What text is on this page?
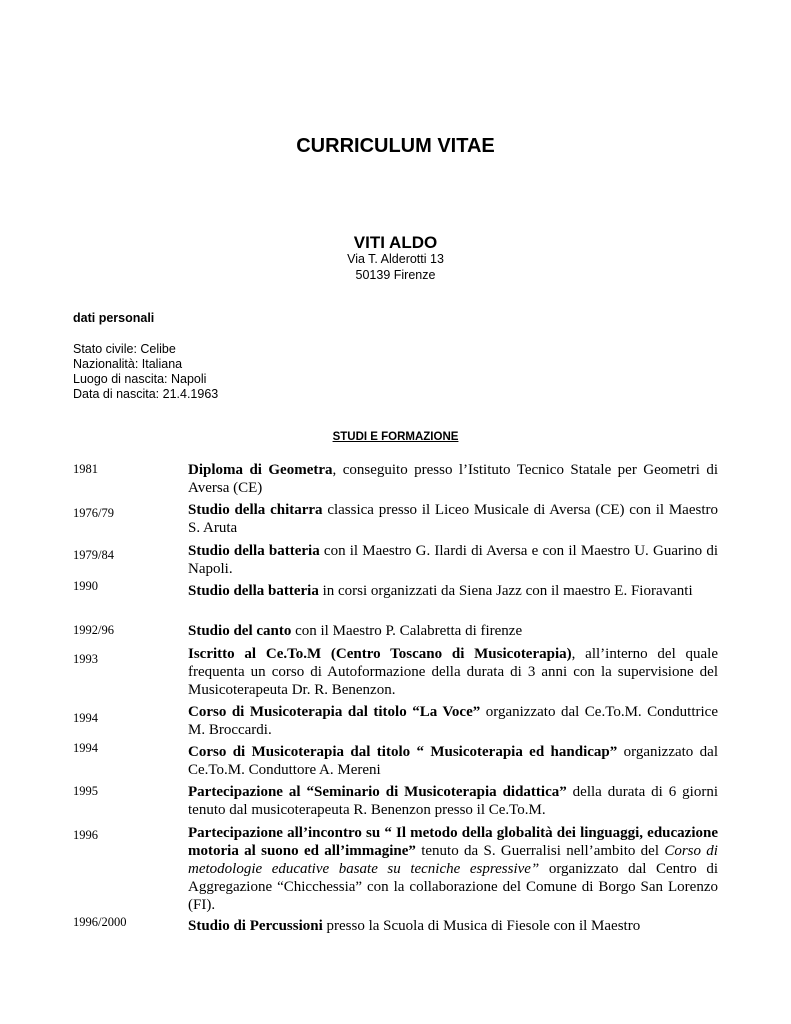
CURRICULUM VITAE
VITI ALDO
Via T. Alderotti 13
50139 Firenze
dati personali
Stato civile: Celibe
Nazionalità: Italiana
Luogo di nascita: Napoli
Data di nascita: 21.4.1963
STUDI E FORMAZIONE
1981	Diploma di Geometra, conseguito presso l’Istituto Tecnico Statale per Geometri di Aversa (CE)
1976/79	Studio della chitarra classica presso il Liceo Musicale di Aversa (CE) con il Maestro S. Aruta
1979/84	Studio della batteria con il Maestro G. Ilardi di Aversa e con il Maestro U. Guarino di Napoli.
1990	Studio della batteria in corsi organizzati da Siena Jazz con il maestro E. Fioravanti
1992/96	Studio del canto con il Maestro P. Calabretta di firenze
1993	Iscritto al Ce.To.M (Centro Toscano di Musicoterapia), all’interno del quale frequenta un corso di Autoformazione della durata di 3 anni con la supervisione del Musicoterapeuta Dr. R. Benenzon.
1994	Corso di Musicoterapia dal titolo “La Voce” organizzato dal Ce.To.M. Conduttrice M. Broccardi.
1994	Corso di Musicoterapia dal titolo “ Musicoterapia ed handicap” organizzato dal Ce.To.M. Conduttore A. Mereni
1995	Partecipazione al “Seminario di Musicoterapia didattica” della durata di 6 giorni tenuto dal musicoterapeuta R. Benenzon presso il Ce.To.M.
1996	Partecipazione all’incontro su “ Il metodo della globalità dei linguaggi, educazione motoria al suono ed all’immagine” tenuto da S. Guerralisi nell’ambito del Corso di metodologie educative basate su tecniche espressive” organizzato dal Centro di Aggregazione “Chicchessia” con la collaborazione del Comune di Borgo San Lorenzo (FI).
1996/2000	Studio di Percussioni presso la Scuola di Musica di Fiesole con il Maestro
